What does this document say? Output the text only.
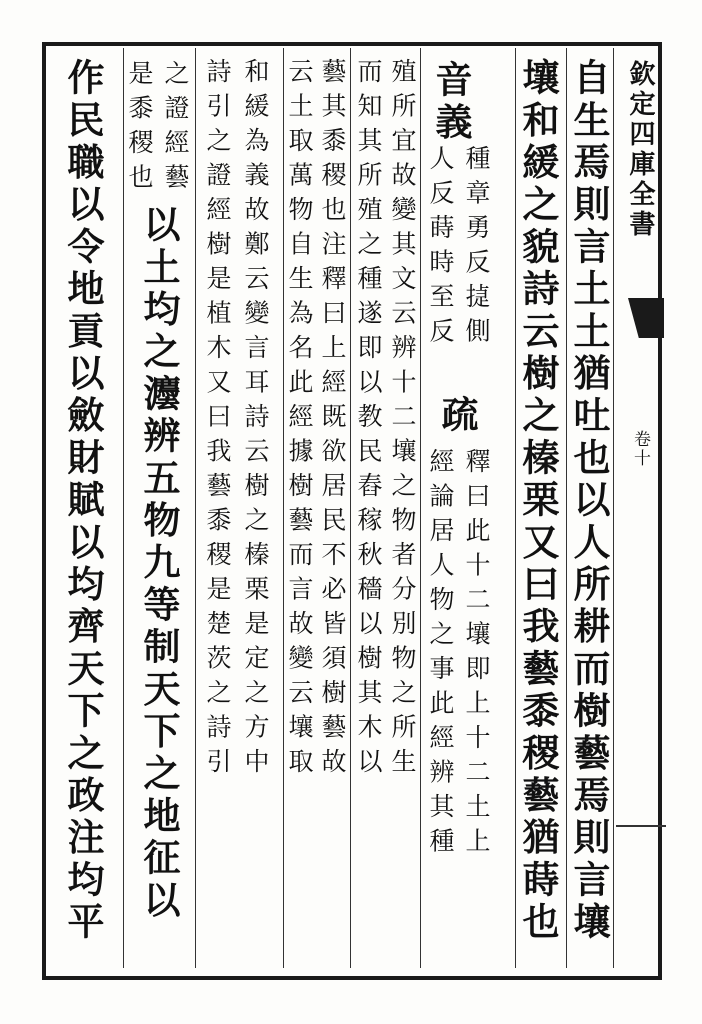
欽定四庫全書
卷十
自生焉則言土土猶吐也以人所耕而樹藝焉則言壤
壤和緩之貌詩云樹之榛栗又曰我藝黍稷藝猶蒔也
音義
種章勇反㨗側
疏
釋曰此十二壤即上十二土上
人反蒔時至反
經論居人物之事此經辨其種
殖所宜故變其文云辨十二壤之物者分別物之所生
而知其所殖之種遂即以教民舂稼秋穡以樹其木以
藝其黍稷也注釋曰上經既欲居民不必皆須樹藝故
云土取萬物自生為名此經據樹藝而言故變云壤取
和緩為義故鄭云變言耳詩云樹之榛栗是定之方中
詩引之證經樹是植木又曰我藝黍稷是楚茨之詩引
之證經藝
以土均之灋辨五物九等制天下之地征以
是黍稷也
作民職以令地貢以斂財賦以均齊天下之政注均平
